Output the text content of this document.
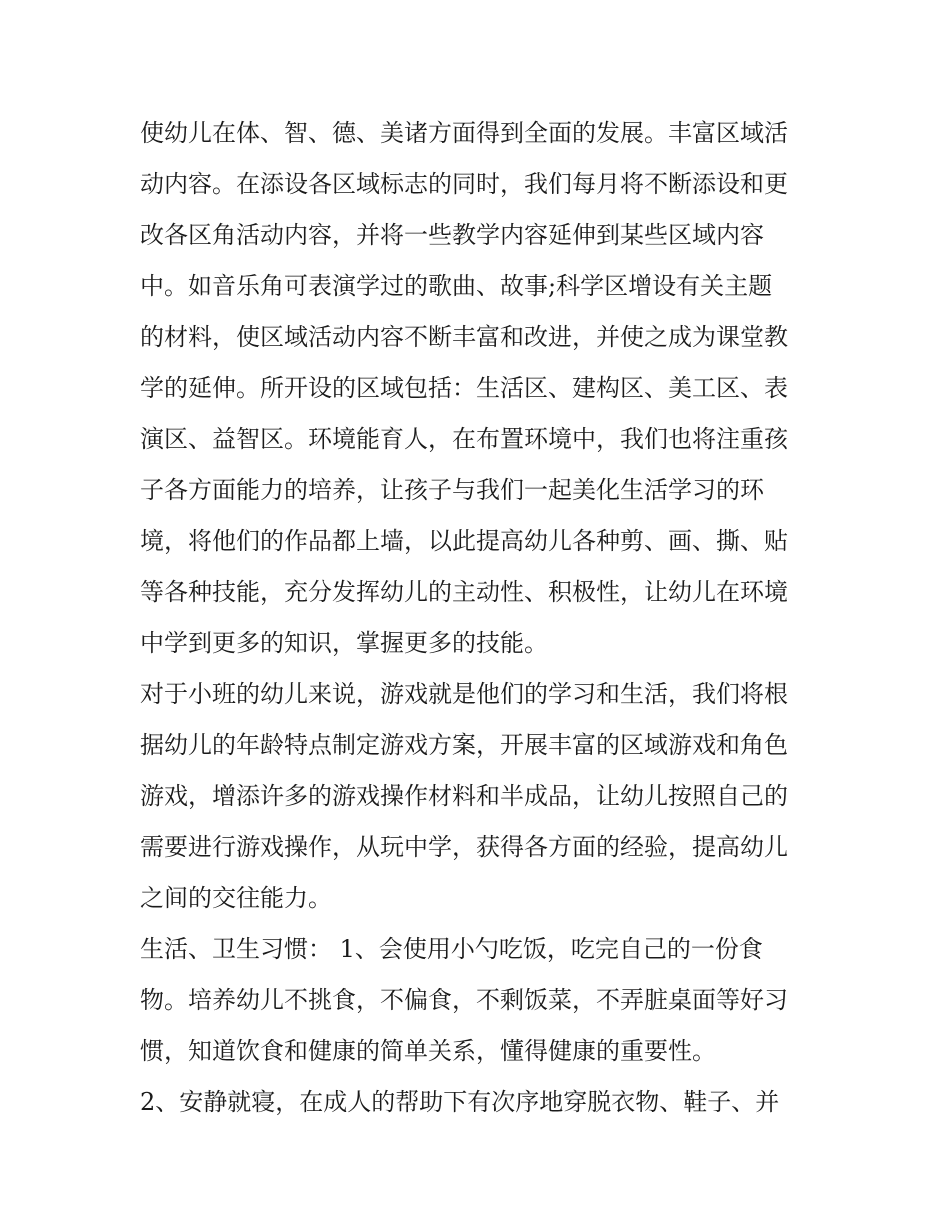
使幼儿在体、智、德、美诸方面得到全面的发展。丰富区域活
动内容。在添设各区域标志的同时，我们每月将不断添设和更
改各区角活动内容，并将一些教学内容延伸到某些区域内容
中。如音乐角可表演学过的歌曲、故事;科学区增设有关主题
的材料，使区域活动内容不断丰富和改进，并使之成为课堂教
学的延伸。所开设的区域包括：生活区、建构区、美工区、表
演区、益智区。环境能育人，在布置环境中，我们也将注重孩
子各方面能力的培养，让孩子与我们一起美化生活学习的环
境，将他们的作品都上墙，以此提高幼儿各种剪、画、撕、贴
等各种技能，充分发挥幼儿的主动性、积极性，让幼儿在环境
中学到更多的知识，掌握更多的技能。
对于小班的幼儿来说，游戏就是他们的学习和生活，我们将根
据幼儿的年龄特点制定游戏方案，开展丰富的区域游戏和角色
游戏，增添许多的游戏操作材料和半成品，让幼儿按照自己的
需要进行游戏操作，从玩中学，获得各方面的经验，提高幼儿
之间的交往能力。
生活、卫生习惯： 1、会使用小勺吃饭，吃完自己的一份食
物。培养幼儿不挑食，不偏食，不剩饭菜，不弄脏桌面等好习
惯，知道饮食和健康的简单关系，懂得健康的重要性。
2、安静就寝，在成人的帮助下有次序地穿脱衣物、鞋子、并
